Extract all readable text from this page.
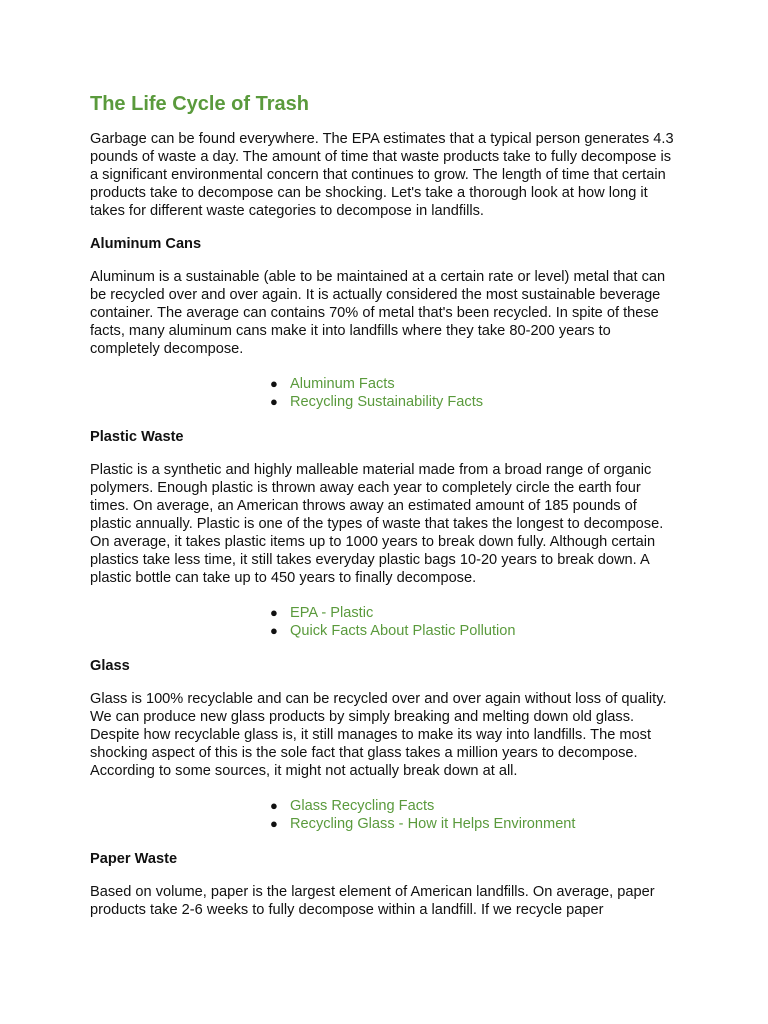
The Life Cycle of Trash

Garbage can be found everywhere. The EPA estimates that a typical person generates 4.3 pounds of waste a day. The amount of time that waste products take to fully decompose is a significant environmental concern that continues to grow. The length of time that certain products take to decompose can be shocking. Let's take a thorough look at how long it takes for different waste categories to decompose in landfills.

Aluminum Cans

Aluminum is a sustainable (able to be maintained at a certain rate or level) metal that can be recycled over and over again. It is actually considered the most sustainable beverage container. The average can contains 70% of metal that's been recycled. In spite of these facts, many aluminum cans make it into landfills where they take 80-200 years to completely decompose.

● Aluminum Facts
● Recycling Sustainability Facts
Plastic Waste

Plastic is a synthetic and highly malleable material made from a broad range of organic polymers. Enough plastic is thrown away each year to completely circle the earth four times. On average, an American throws away an estimated amount of 185 pounds of plastic annually. Plastic is one of the types of waste that takes the longest to decompose. On average, it takes plastic items up to 1000 years to break down fully. Although certain plastics take less time, it still takes everyday plastic bags 10-20 years to break down. A plastic bottle can take up to 450 years to finally decompose.

● EPA - Plastic
● Quick Facts About Plastic Pollution
Glass

Glass is 100% recyclable and can be recycled over and over again without loss of quality. We can produce new glass products by simply breaking and melting down old glass. Despite how recyclable glass is, it still manages to make its way into landfills. The most shocking aspect of this is the sole fact that glass takes a million years to decompose. According to some sources, it might not actually break down at all.

● Glass Recycling Facts
● Recycling Glass - How it Helps Environment
Paper Waste

Based on volume, paper is the largest element of American landfills. On average, paper products take 2-6 weeks to fully decompose within a landfill. If we recycle paper
